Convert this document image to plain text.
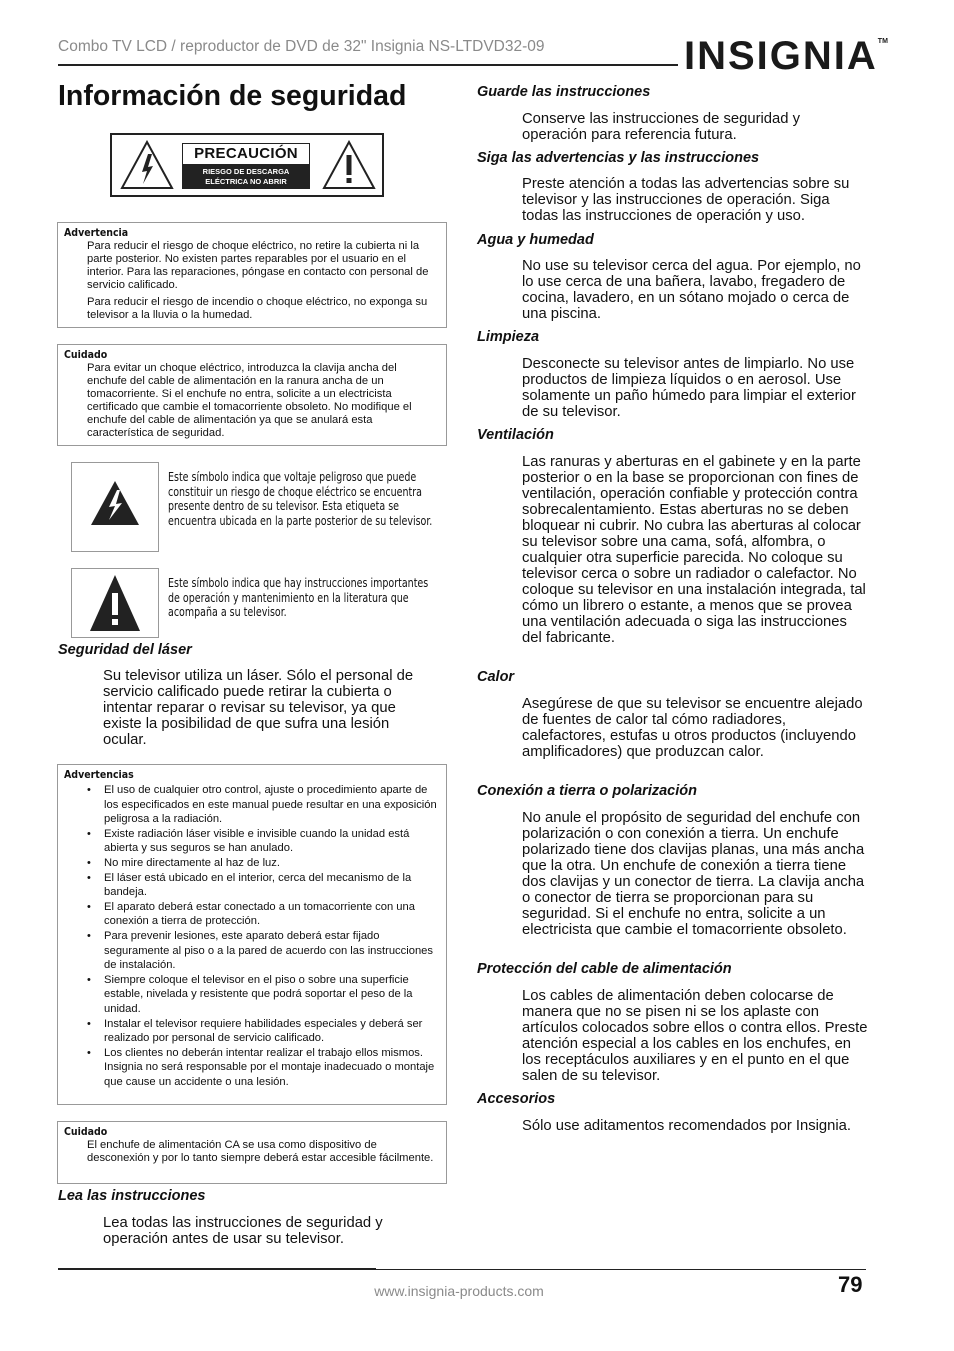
Combo TV LCD / reproductor de DVD de 32" Insignia NS-LTDVD32-09	INSIGNIA™
Información de seguridad
PRECAUCIÓN
RIESGO DE DESCARGA
ELÉCTRICA NO ABRIR
Advertencia

Para reducir el riesgo de choque eléctrico, no retire la cubierta ni la parte posterior. No existen partes reparables por el usuario en el interior. Para las reparaciones, póngase en contacto con personal de servicio calificado.

Para reducir el riesgo de incendio o choque eléctrico, no exponga su televisor a la lluvia o la humedad.

Cuidado
Para evitar un choque eléctrico, introduzca la clavija ancha del enchufe del cable de alimentación en la ranura ancha de un tomacorriente. Si el enchufe no entra, solicite a un electricista certificado que cambie el tomacorriente obsoleto. No modifique el enchufe del cable de alimentación ya que se anulará esta característica de seguridad.
Este símbolo indica que voltaje peligroso que puede constituir un riesgo de choque eléctrico se encuentra presente dentro de su televisor. Esta etiqueta se encuentra ubicada en la parte posterior de su televisor.
Este símbolo indica que hay instrucciones importantes de operación y mantenimiento en la literatura que acompaña a su televisor.
Seguridad del láser
Su televisor utiliza un láser. Sólo el personal de servicio calificado puede retirar la cubierta o intentar reparar o revisar su televisor, ya que existe la posibilidad de que sufra una lesión ocular.
Advertencias
• El uso de cualquier otro control, ajuste o procedimiento aparte de los especificados en este manual puede resultar en una exposición peligrosa a la radiación.
• Existe radiación láser visible e invisible cuando la unidad está abierta y sus seguros se han anulado.
• No mire directamente al haz de luz.
• El láser está ubicado en el interior, cerca del mecanismo de la bandeja.
• El aparato deberá estar conectado a un tomacorriente con una conexión a tierra de protección.
• Para prevenir lesiones, este aparato deberá estar fijado seguramente al piso o a la pared de acuerdo con las instrucciones de instalación.
• Siempre coloque el televisor en el piso o sobre una superficie estable, nivelada y resistente que podrá soportar el peso de la unidad.
• Instalar el televisor requiere habilidades especiales y deberá ser realizado por personal de servicio calificado.
• Los clientes no deberán intentar realizar el trabajo ellos mismos. Insignia no será responsable por el montaje inadecuado o montaje que cause un accidente o una lesión.
Cuidado
El enchufe de alimentación CA se usa como dispositivo de desconexión y por lo tanto siempre deberá estar accesible fácilmente.
Lea las instrucciones
Lea todas las instrucciones de seguridad y operación antes de usar su televisor.
Guarde las instrucciones
Conserve las instrucciones de seguridad y operación para referencia futura.
Siga las advertencias y las instrucciones
Preste atención a todas las advertencias sobre su televisor y las instrucciones de operación. Siga todas las instrucciones de operación y uso.
Agua y humedad
No use su televisor cerca del agua. Por ejemplo, no lo use cerca de una bañera, lavabo, fregadero de cocina, lavadero, en un sótano mojado o cerca de una piscina.
Limpieza
Desconecte su televisor antes de limpiarlo. No use productos de limpieza líquidos o en aerosol. Use solamente un paño húmedo para limpiar el exterior de su televisor.
Ventilación
Las ranuras y aberturas en el gabinete y en la parte posterior o en la base se proporcionan con fines de ventilación, operación confiable y protección contra sobrecalentamiento. Estas aberturas no se deben bloquear ni cubrir. No cubra las aberturas al colocar su televisor sobre una cama, sofá, alfombra, o cualquier otra superficie parecida. No coloque su televisor cerca o sobre un radiador o calefactor. No coloque su televisor en una instalación integrada, tal cómo un librero o estante, a menos que se provea una ventilación adecuada o siga las instrucciones del fabricante.
Calor
Asegúrese de que su televisor se encuentre alejado de fuentes de calor tal cómo radiadores, calefactores, estufas u otros productos (incluyendo amplificadores) que produzcan calor.
Conexión a tierra o polarización
No anule el propósito de seguridad del enchufe con polarización o con conexión a tierra. Un enchufe polarizado tiene dos clavijas planas, una más ancha que la otra. Un enchufe de conexión a tierra tiene dos clavijas y un conector de tierra. La clavija ancha o conector de tierra se proporcionan para su seguridad. Si el enchufe no entra, solicite a un electricista que cambie el tomacorriente obsoleto.
Protección del cable de alimentación
Los cables de alimentación deben colocarse de manera que no se pisen ni se los aplaste con artículos colocados sobre ellos o contra ellos. Preste atención especial a los cables en los enchufes, en los receptáculos auxiliares y en el punto en el que salen de su televisor.
Accesorios
Sólo use aditamentos recomendados por Insignia.
www.insignia-products.com	79
